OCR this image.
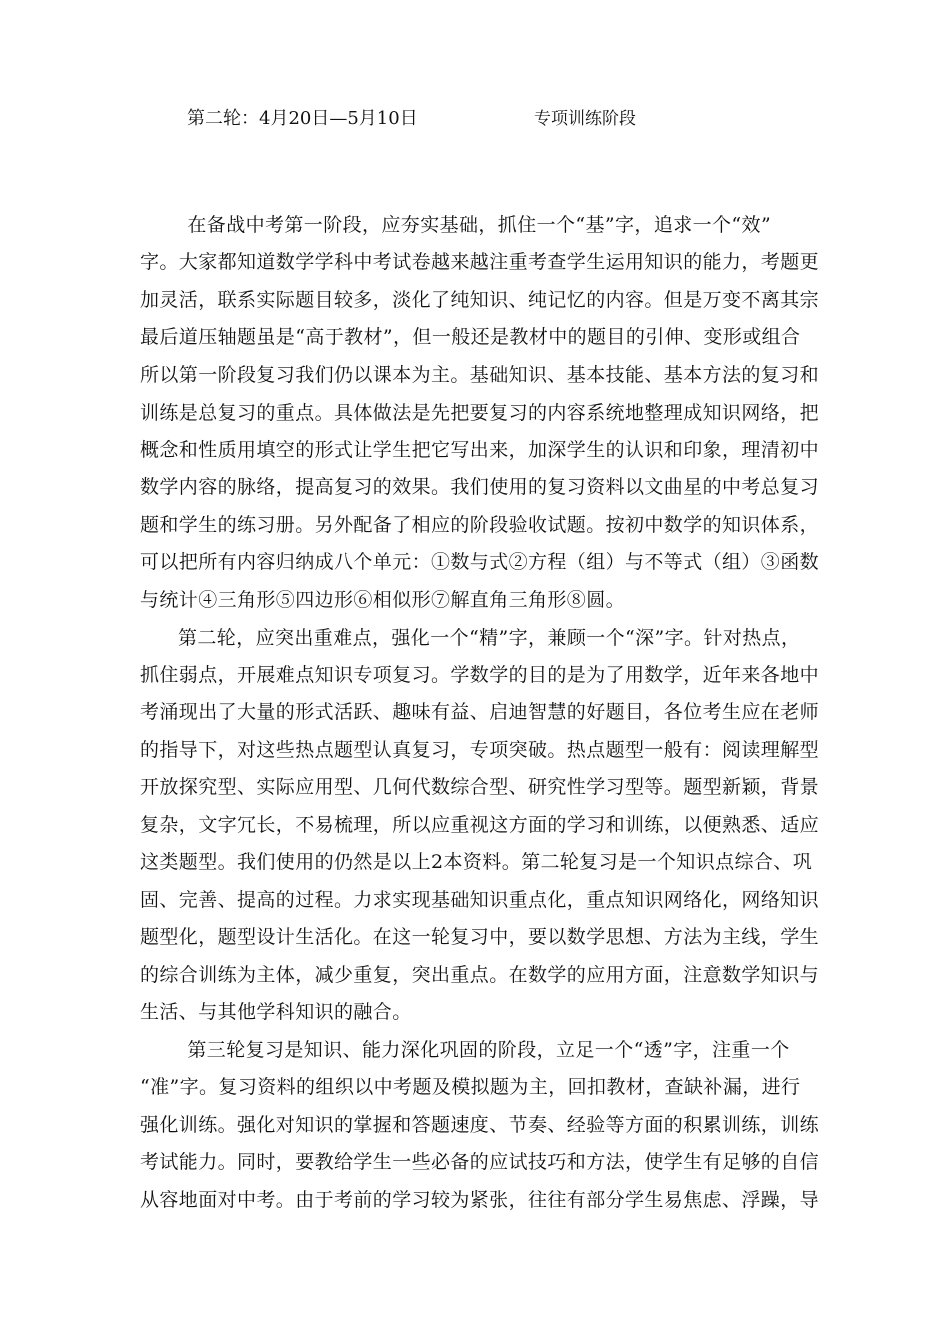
第二轮：4月20日—5月10日	专项训练阶段
　在备战中考第一阶段，应夯实基础，抓住一个“基”字，追求一个“效”
字。大家都知道数学学科中考试卷越来越注重考查学生运用知识的能力，考题更
加灵活，联系实际题目较多，淡化了纯知识、纯记忆的内容。但是万变不离其宗
最后道压轴题虽是“高于教材”，但一般还是教材中的题目的引伸、变形或组合
所以第一阶段复习我们仍以课本为主。基础知识、基本技能、基本方法的复习和
训练是总复习的重点。具体做法是先把要复习的内容系统地整理成知识网络，把
概念和性质用填空的形式让学生把它写出来，加深学生的认识和印象，理清初中
数学内容的脉络，提高复习的效果。我们使用的复习资料以文曲星的中考总复习
题和学生的练习册。另外配备了相应的阶段验收试题。按初中数学的知识体系，
可以把所有内容归纳成八个单元：①数与式②方程（组）与不等式（组）③函数
与统计④三角形⑤四边形⑥相似形⑦解直角三角形⑧圆。
第二轮，应突出重难点，强化一个“精”字，兼顾一个“深”字。针对热点，
抓住弱点，开展难点知识专项复习。学数学的目的是为了用数学，近年来各地中
考涌现出了大量的形式活跃、趣味有益、启迪智慧的好题目，各位考生应在老师
的指导下，对这些热点题型认真复习，专项突破。热点题型一般有：阅读理解型
开放探究型、实际应用型、几何代数综合型、研究性学习型等。题型新颖，背景
复杂，文字冗长，不易梳理，所以应重视这方面的学习和训练，以便熟悉、适应
这类题型。我们使用的仍然是以上2本资料。第二轮复习是一个知识点综合、巩
固、完善、提高的过程。力求实现基础知识重点化，重点知识网络化，网络知识
题型化，题型设计生活化。在这一轮复习中，要以数学思想、方法为主线，学生
的综合训练为主体，减少重复，突出重点。在数学的应用方面，注意数学知识与
生活、与其他学科知识的融合。
　第三轮复习是知识、能力深化巩固的阶段，立足一个“透”字，注重一个
“准”字。复习资料的组织以中考题及模拟题为主，回扣教材，查缺补漏，进行
强化训练。强化对知识的掌握和答题速度、节奏、经验等方面的积累训练，训练
考试能力。同时，要教给学生一些必备的应试技巧和方法，使学生有足够的自信
从容地面对中考。由于考前的学习较为紧张，往往有部分学生易焦虑、浮躁，导
